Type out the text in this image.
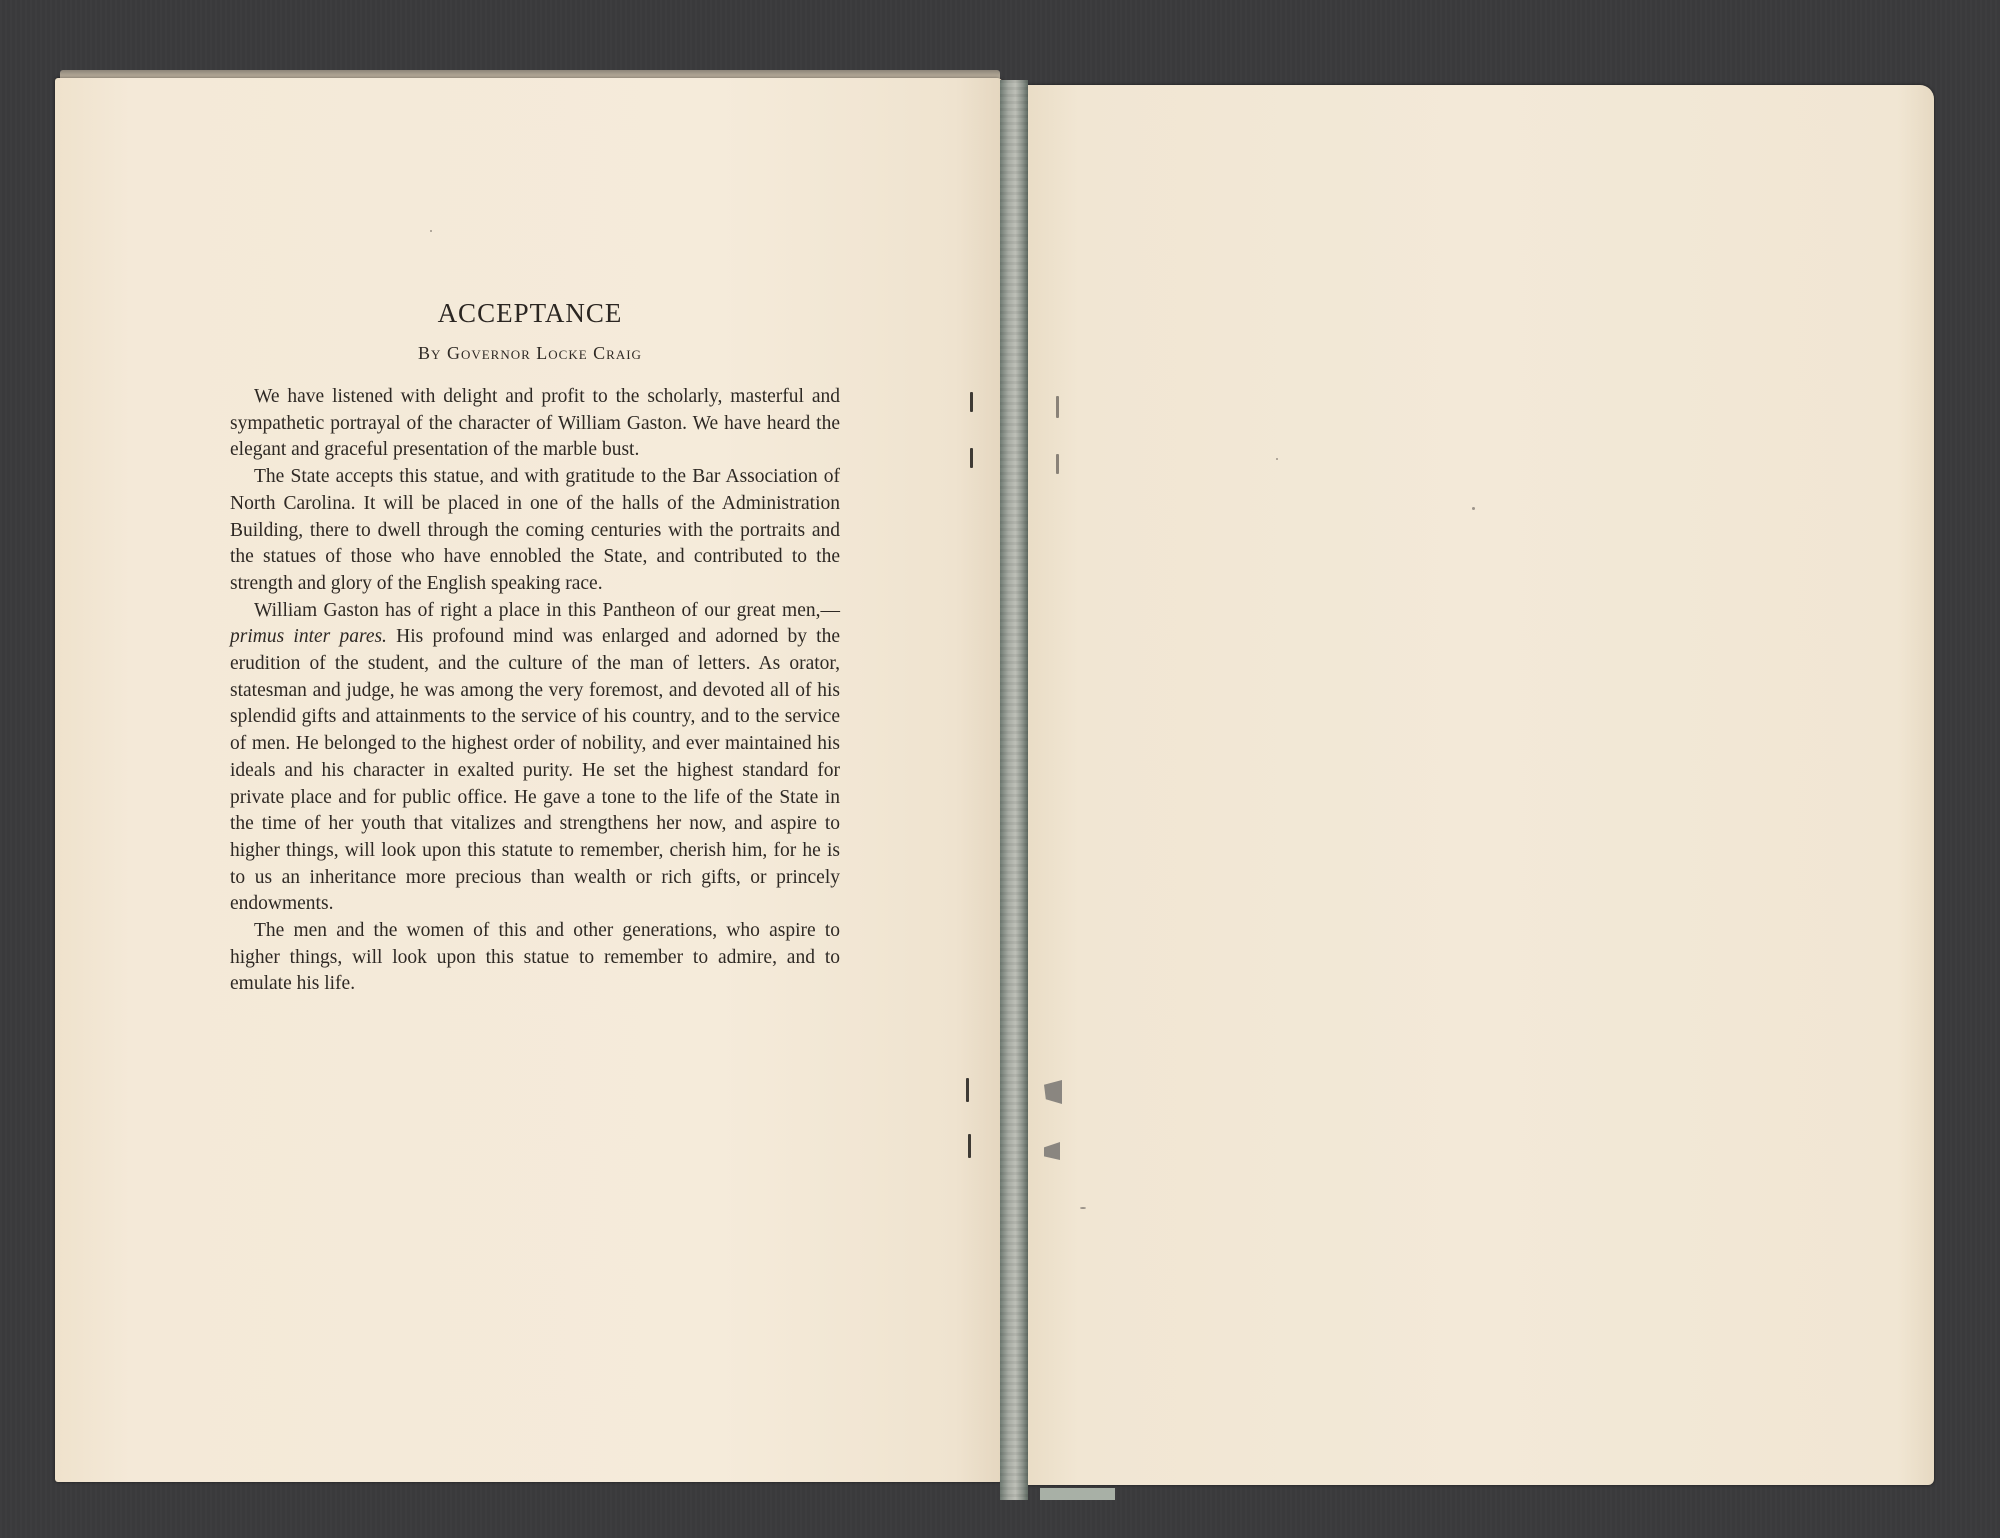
ACCEPTANCE
By Governor Locke Craig

We have listened with delight and profit to the scholarly, masterful and sympathetic portrayal of the character of William Gaston. We have heard the elegant and graceful presentation of the marble bust.

The State accepts this statue, and with gratitude to the Bar Association of North Carolina. It will be placed in one of the halls of the Administration Building, there to dwell through the coming centuries with the portraits and the statues of those who have ennobled the State, and contributed to the strength and glory of the English speaking race.

William Gaston has of right a place in this Pantheon of our great men,—primus inter pares. His profound mind was enlarged and adorned by the erudition of the student, and the culture of the man of letters. As orator, statesman and judge, he was among the very foremost, and devoted all of his splendid gifts and attainments to the service of his country, and to the service of men. He belonged to the highest order of nobility, and ever maintained his ideals and his character in exalted purity. He set the highest standard for private place and for public office. He gave a tone to the life of the State in the time of her youth that vitalizes and strengthens her now, and aspire to higher things, will look upon this statute to remember, cherish him, for he is to us an inheritance more precious than wealth or rich gifts, or princely endowments.

The men and the women of this and other generations, who aspire to higher things, will look upon this statue to remember to admire, and to emulate his life.
